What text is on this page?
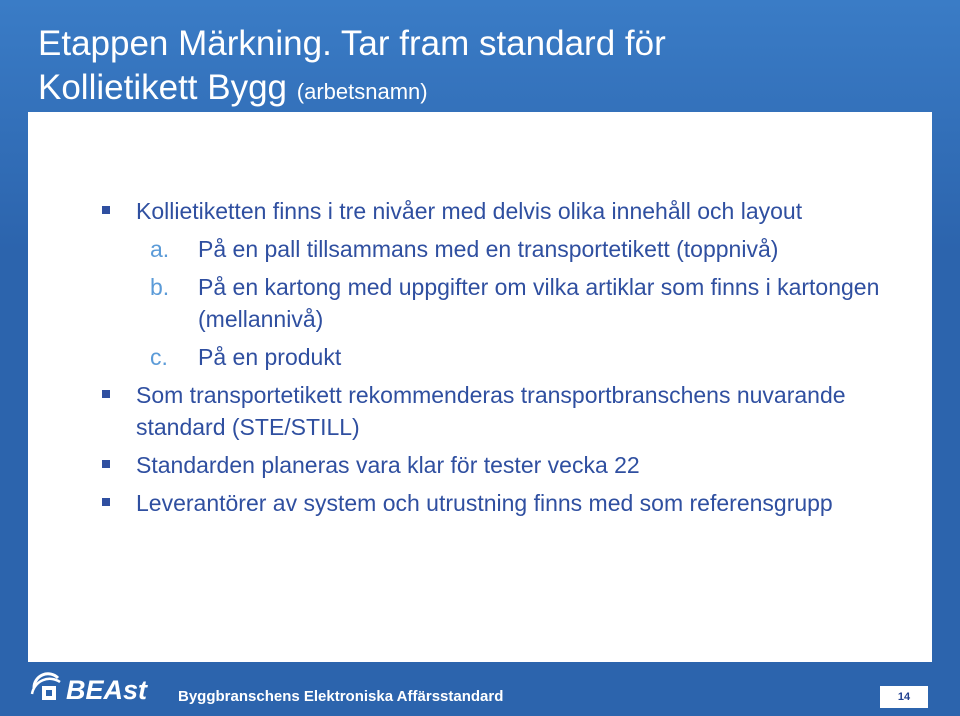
Etappen Märkning. Tar fram standard för
Kollietikett Bygg (arbetsnamn)
Kollietiketten finns i tre nivåer med delvis olika innehåll och layout
a. På en pall tillsammans med en transportetikett (toppnivå)
b. På en kartong med uppgifter om vilka artiklar som finns i kartongen (mellannivå)
c. På en produkt
Som transportetikett rekommenderas transportbranschens nuvarande standard (STE/STILL)
Standarden planeras vara klar för tester vecka 22
Leverantörer av system och utrustning finns med som referensgrupp
BEAst Byggbranschens Elektroniska Affärsstandard	14
